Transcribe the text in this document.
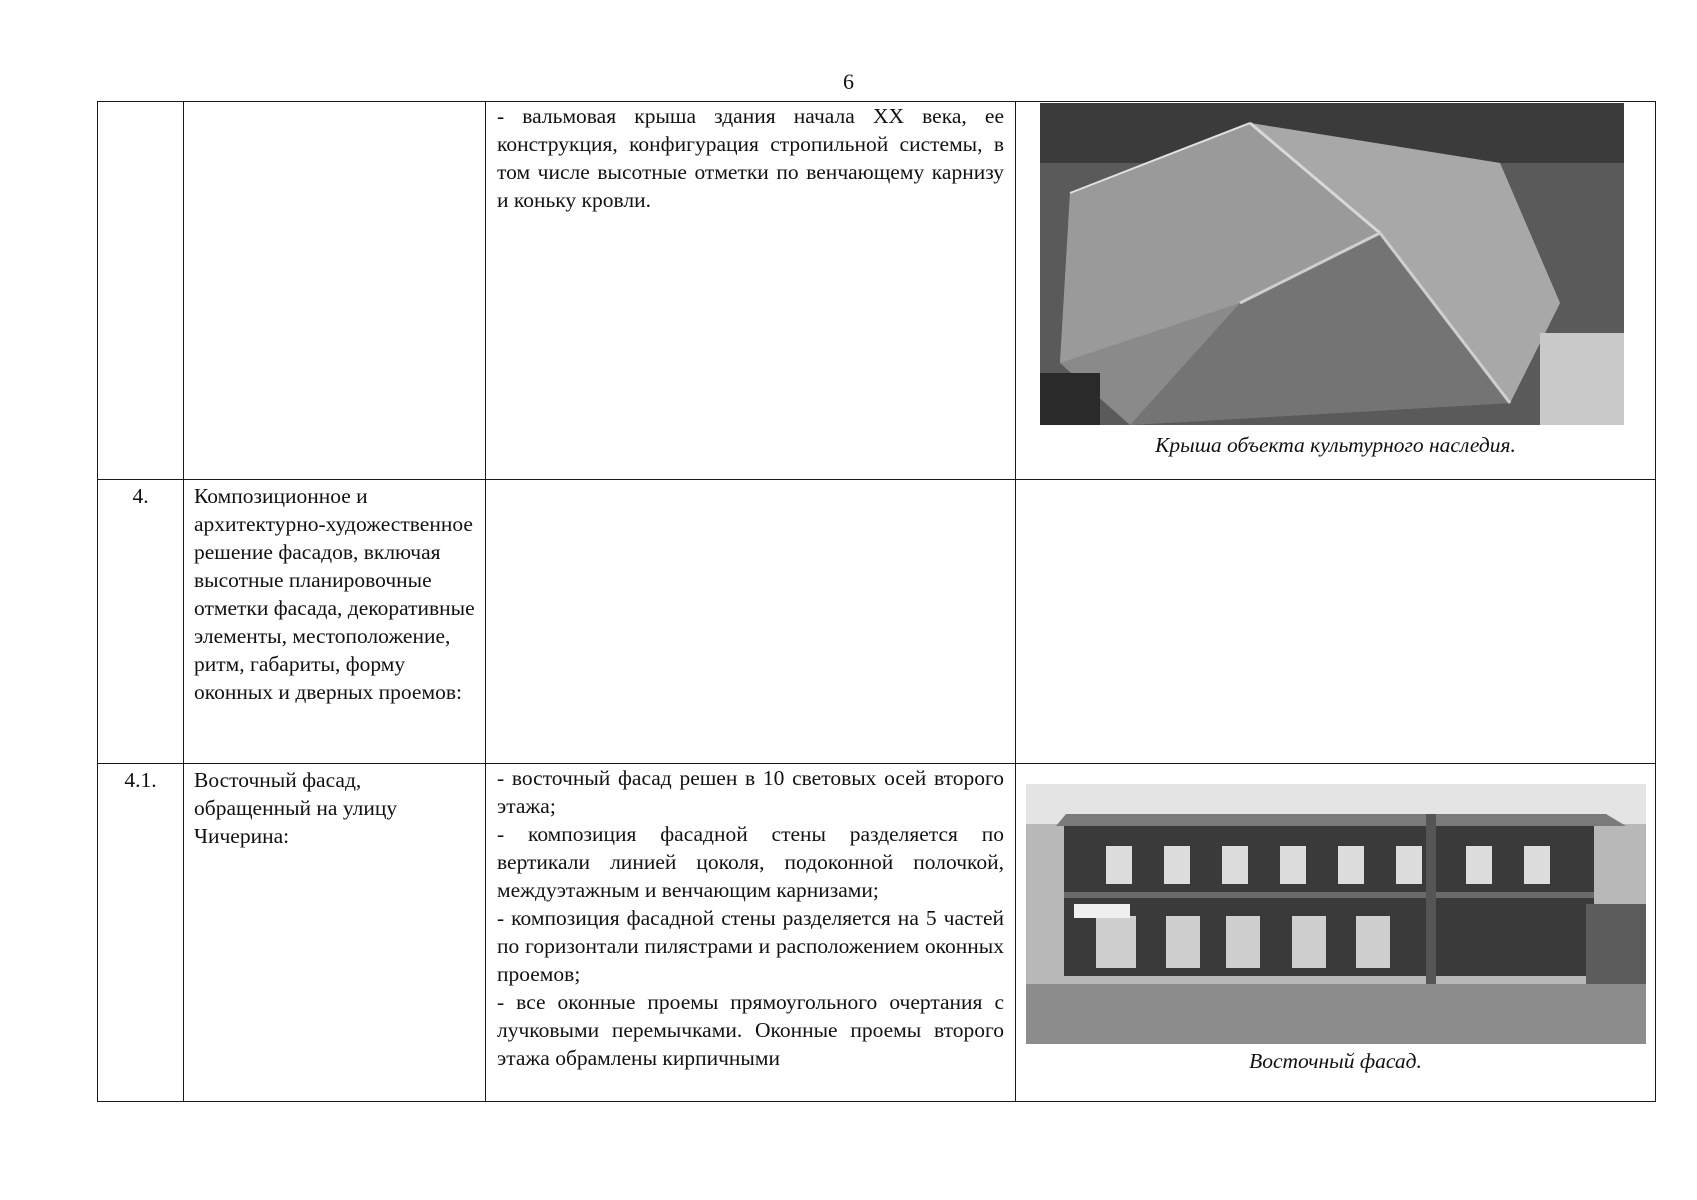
6

		- вальмовая крыша здания начала XX века, ее конструкция, конфигурация стропильной системы, в том числе высотные отметки по венчающему карнизу и коньку кровли.	Крыша объекта культурного наследия.

4.	Композиционное и архитектурно-художественное решение фасадов, включая высотные планировочные отметки фасада, декоративные элементы, местоположение, ритм, габариты, форму оконных и дверных проемов:		

4.1.	Восточный фасад, обращенный на улицу Чичерина:	- восточный фасад решен в 10 световых осей второго этажа;

- композиция фасадной стены разделяется по вертикали линией цоколя, подоконной полочкой, междуэтажным и венчающим карнизами;

- композиция фасадной стены разделяется на 5 частей по горизонтали пилястрами и расположением оконных проемов;

- все оконные проемы прямоугольного очертания с лучковыми перемычками. Оконные проемы второго этажа обрамлены кирпичными	Восточный фасад.
